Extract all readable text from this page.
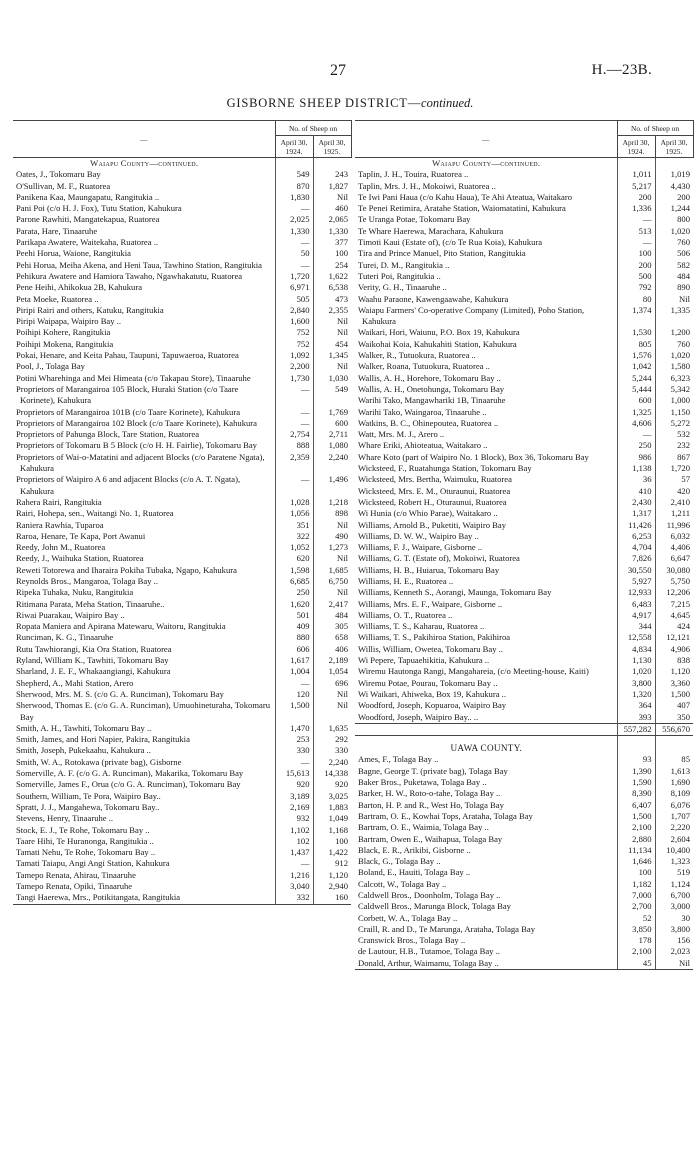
27	H.—23B.
GISBORNE SHEEP DISTRICT—continued.
—	No. of Sheep on	
	April 30, 1924.	April 30, 1925.
Waiapu County—continued.		
Oates, J., Tokomaru Bay	549	243
O'Sullivan, M. F., Ruatorea	870	1,827
Panikena Kaa, Maungapatu, Rangitukia ..	1,830	Nil
Pani Poi (c/o H. J. Fox), Tutu Station, Kahukura	—	460
Parone Rawhiti, Mangatekapua, Ruatorea	2,025	2,065
Parata, Hare, Tinaaruhe	1,330	1,330
Parikapa Awatere, Waitekaha, Ruatorea ..	—	377
Peehi Horua, Waione, Rangitukia	50	100
Pehi Horua, Meiha Akena, and Heni Taua, Tawhino Station, Rangitukia	—	254
Pehikura Awatere and Hamiora Tawaho, Ngawhakatutu, Ruatorea	1,720	1,622
Pene Heihi, Ahikokua 2B, Kahukura	6,971	6,538
Peta Moeke, Ruatorea ..	505	473
Piripi Rairi and others, Katuku, Rangitukia	2,840	2,355
Piripi Waipapa, Waipiro Bay ..	1,600	Nil
Poihipi Kohere, Rangitukia	752	Nil
Poihipi Mokena, Rangitukia	752	454
Pokai, Henare, and Keita Pahau, Taupuni, Tapuwaeroa, Ruatorea	1,092	1,345
Pool, J., Tolaga Bay	2,200	Nil
Potini Wharehinga and Mei Himeata (c/o Takapau Store), Tinaaruhe	1,730	1,030
Proprietors of Marangairoa 105 Block, Huraki Station (c/o Taare Korinete), Kahukura	—	549
Proprietors of Marangairoa 101B (c/o Taare Korinete), Kahukura	—	1,769
Proprietors of Marangairoa 102 Block (c/o Taare Korinete), Kahukura	—	600
Proprietors of Pahunga Block, Tare Station, Ruatorea	2,754	2,711
Proprietors of Tokomaru B 5 Block (c/o H. H. Fairlie), Tokomaru Bay	888	1,080
Proprietors of Wai-o-Matatini and adjacent Blocks (c/o Paratene Ngata), Kahukura	2,359	2,240
Proprietors of Waipiro A 6 and adjacent Blocks (c/o A. T. Ngata), Kahukura	—	1,496
Rahera Rairi, Rangitukia	1,028	1,218
Rairi, Hohepa, sen., Waitangi No. 1, Ruatorea	1,056	898
Raniera Rawhia, Tuparoa	351	Nil
Raroa, Henare, Te Kapa, Port Awanui	322	490
Reedy, John M., Ruatorea	1,052	1,273
Reedy, J., Waihuka Station, Ruatorea	620	Nil
Reweti Totorewa and Iharaira Pokiha Tubaka, Ngapo, Kahukura	1,598	1,685
Reynolds Bros., Mangaroa, Tolaga Bay ..	6,685	6,750
Ripeka Tuhaka, Nuku, Rangitukia	250	Nil
Ritimana Parata, Meha Station, Tinaaruhe..	1,620	2,417
Riwai Puarakau, Waipiro Bay ..	501	484
Ropata Maniera and Apirana Matewaru, Waitoru, Rangitukia	409	305
Runciman, K. G., Tinaaruhe	880	658
Rutu Tawhiorangi, Kia Ora Station, Ruatorea	606	406
Ryland, William K., Tawhiti, Tokomaru Bay	1,617	2,189
Sharland, J. E. F., Whakaangiangi, Kahukura	1,004	1,054
Shepherd, A., Mahi Station, Arero	—	696
Sherwood, Mrs. M. S. (c/o G. A. Runciman), Tokomaru Bay	120	Nil
Sherwood, Thomas E. (c/o G. A. Runciman), Umuohineturaha, Tokomaru Bay	1,500	Nil
Smith, A. H., Tawhiti, Tokomaru Bay ..	1,470	1,635
Smith, James, and Hori Napier, Pakira, Rangitukia	253	292
Smith, Joseph, Pukekaahu, Kahukura ..	330	330
Smith, W. A., Rotokawa (private bag), Gisborne	—	2,240
Somerville, A. F. (c/o G. A. Runciman), Makarika, Tokomaru Bay	15,613	14,338
Somerville, James F., Orua (c/o G. A. Runciman), Tokomaru Bay	920	920
Southern, William, Te Pora, Waipiro Bay..	3,189	3,025
Spratt, J. J., Mangahewa, Tokomaru Bay..	2,169	1,883
Stevens, Henry, Tinaaruhe ..	932	1,049
Stock, E. J., Te Rohe, Tokomaru Bay ..	1,102	1,168
Taare Hihi, Te Huranonga, Rangitukia ..	102	100
Tamati Nehu, Te Rohe, Tokomaru Bay ..	1,437	1,422
Tamati Taiapu, Angi Angi Station, Kahukura	—	912
Tamepo Renata, Ahirau, Tinaaruhe	1,216	1,120
Tamepo Renata, Opiki, Tinaaruhe	3,040	2,940
Tangi Haerewa, Mrs., Potikitangata, Rangitukia	332	160
—	No. of Sheep on	
	April 30, 1924.	April 30, 1925.
Waiapu County—continued.		
Taplin, J. H., Touira, Ruatorea ..	1,011	1,019
Taplin, Mrs. J. H., Mokoiwi, Ruatorea ..	5,217	4,430
Te Iwi Pani Haua (c/o Kahu Haua), Te Ahi Ateatua, Waitakaro	200	200
Te Penei Retimira, Aratahe Station, Waiomatatini, Kahukura	1,336	1,244
Te Uranga Potae, Tokomaru Bay	—	800
Te Whare Haerewa, Marachara, Kahukura	513	1,020
Timoti Kaui (Estate of), (c/o Te Rua Koia), Kahukura	—	760
Tira and Prince Manuel, Pito Station, Rangitukia	100	506
Turei, D. M., Rangitukia ..	200	582
Tuteri Poi, Rangitukia ..	500	484
Verity, G. H., Tinaaruhe ..	792	890
Waahu Paraone, Kawengaawahe, Kahukura	80	Nil
Waiapu Farmers' Co-operative Company (Limited), Poho Station, Kahukura	1,374	1,335
Waikari, Hori, Waiunu, P.O. Box 19, Kahukura	1,530	1,200
Waikohai Koia, Kahukahiti Station, Kahukura	805	760
Walker, R., Tutuokura, Ruatorea ..	1,576	1,020
Walker, Roana, Tutuokura, Ruatorea ..	1,042	1,580
Wallis, A. H., Horehore, Tokomaru Bay ..	5,244	6,323
Wallis, A. H., Onetohunga, Tokomaru Bay	5,444	5,342
Warihi Tako, Mangawhariki 1B, Tinaaruhe	600	1,000
Warihi Tako, Waingaroa, Tinaaruhe ..	1,325	1,150
Watkins, B. C., Ohinepoutea, Ruatorea ..	4,606	5,272
Watt, Mrs. M. J., Arero ..	—	532
Whare Eriki, Ahioteatua, Waitakaro ..	250	232
Whare Koto (part of Waipiro No. 1 Block), Box 36, Tokomaru Bay	986	867
Wicksteed, F., Ruatahunga Station, Tokomaru Bay	1,138	1,720
Wicksteed, Mrs. Bertha, Waimuku, Ruatorea	36	57
Wicksteed, Mrs. E. M., Oturaunui, Ruatorea	410	420
Wicksteed, Robert H., Oturaunui, Ruatorea	2,430	2,410
Wi Hunia (c/o Whio Parae), Waitakaro ..	1,317	1,211
Williams, Arnold B., Puketiti, Waipiro Bay	11,426	11,996
Williams, D. W. W., Waipiro Bay ..	6,253	6,032
Williams, F. J., Waipare, Gisborne ..	4,704	4,406
Williams, G. T. (Estate of), Mokoiwi, Ruatorea	7,826	6,647
Williams, H. B., Huiarua, Tokomaru Bay	30,550	30,080
Williams, H. E., Ruatorea ..	5,927	5,750
Williams, Kenneth S., Aorangi, Maunga, Tokomaru Bay	12,933	12,206
Williams, Mrs. E. F., Waipare, Gisborne ..	6,483	7,215
Williams, O. T., Ruatorea ..	4,917	4,645
Williams, T. S., Kaharau, Ruatorea ..	344	424
Williams, T. S., Pakihiroa Station, Pakihiroa	12,558	12,121
Willis, William, Owetea, Tokomaru Bay ..	4,834	4,906
Wi Pepere, Tapuaehikitia, Kahukura ..	1,130	838
Wiremu Hautonga Rangi, Mangahareia, (c/o Meeting-house, Kaiti)	1,020	1,120
Wiremu Potae, Pourau, Tokomaru Bay ..	3,800	3,360
Wi Waikari, Ahiweka, Box 19, Kahukura ..	1,320	1,500
Woodford, Joseph, Kopuaroa, Waipiro Bay	364	407
Woodford, Joseph, Waipiro Bay.. ..	393	350
	557,282	556,670
UAWA COUNTY.		
Ames, F., Tolaga Bay ..	93	85
Bagne, George T. (private bag), Tolaga Bay	1,390	1,613
Baker Bros., Puketawa, Tolaga Bay ..	1,590	1,690
Barker, H. W., Roto-o-tahe, Tolaga Bay ..	8,390	8,109
Barton, H. P. and R., West Ho, Tolaga Bay	6,407	6,076
Bartram, O. E., Kowhai Tops, Arataha, Tolaga Bay	1,500	1,707
Bartram, O. E., Waimia, Tolaga Bay ..	2,100	2,220
Bartram, Owen E., Waihapua, Tolaga Bay	2,880	2,604
Black, E. R., Arikibi, Gisborne ..	11,134	10,400
Black, G., Tolaga Bay ..	1,646	1,323
Boland, E., Hauiti, Tolaga Bay ..	100	519
Calcott, W., Tolaga Bay ..	1,182	1,124
Caldwell Bros., Doonholm, Tolaga Bay ..	7,000	6,700
Caldwell Bros., Marunga Block, Tolaga Bay	2,700	3,000
Corbett, W. A., Tolaga Bay ..	52	30
Craill, R. and D., Te Marunga, Arataha, Tolaga Bay	3,850	3,800
Cranswick Bros., Tolaga Bay ..	178	156
de Lautour, H.B., Tutamoe, Tolaga Bay ..	2,100	2,023
Donald, Arthur, Waimamu, Tolaga Bay ..	45	Nil
